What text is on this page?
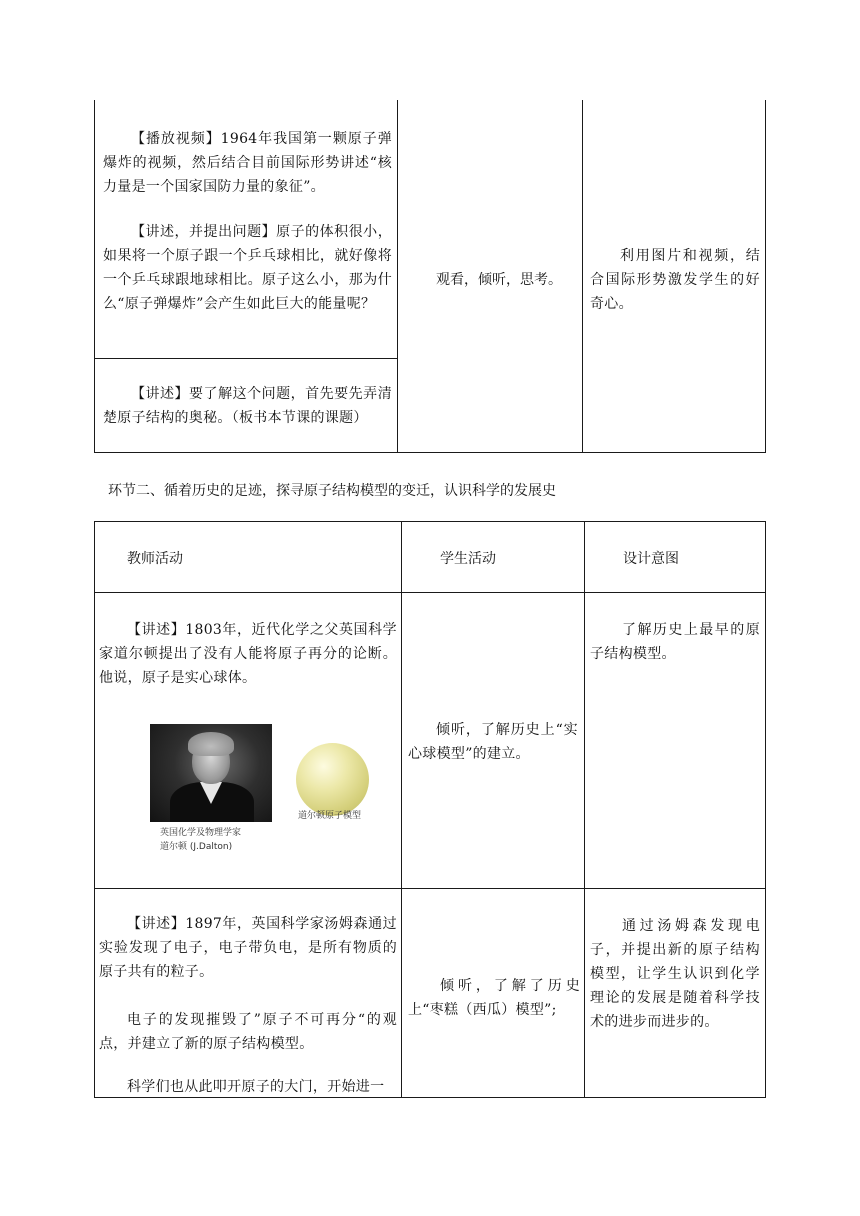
【播放视频】1964年我国第一颗原子弹爆炸的视频，然后结合目前国际形势讲述“核力量是一个国家国防力量的象征”。

【讲述，并提出问题】原子的体积很小，如果将一个原子跟一个乒乓球相比，就好像将一个乒乓球跟地球相比。原子这么小，那为什么“原子弹爆炸”会产生如此巨大的能量呢？

【讲述】要了解这个问题，首先要先弄清楚原子结构的奥秘。（板书本节课的课题）

观看，倾听，思考。

利用图片和视频，结合国际形势激发学生的好奇心。

环节二、循着历史的足迹，探寻原子结构模型的变迁，认识科学的发展史
教师活动	学生活动	设计意图

【讲述】1803年，近代化学之父英国科学家道尔顿提出了没有人能将原子再分的论断。他说，原子是实心球体。

英国化学及物理学家
道尔顿 (J.Dalton)
道尔顿原子模型

倾听，了解历史上“实心球模型”的建立。

了解历史上最早的原子结构模型。

【讲述】1897年，英国科学家汤姆森通过实验发现了电子，电子带负电，是所有物质的原子共有的粒子。

电子的发现摧毁了”原子不可再分“的观点，并建立了新的原子结构模型。

科学们也从此叩开原子的大门，开始进一

倾听，了解了历史上“枣糕（西瓜）模型”;

通过汤姆森发现电子，并提出新的原子结构模型，让学生认识到化学理论的发展是随着科学技术的进步而进步的。
